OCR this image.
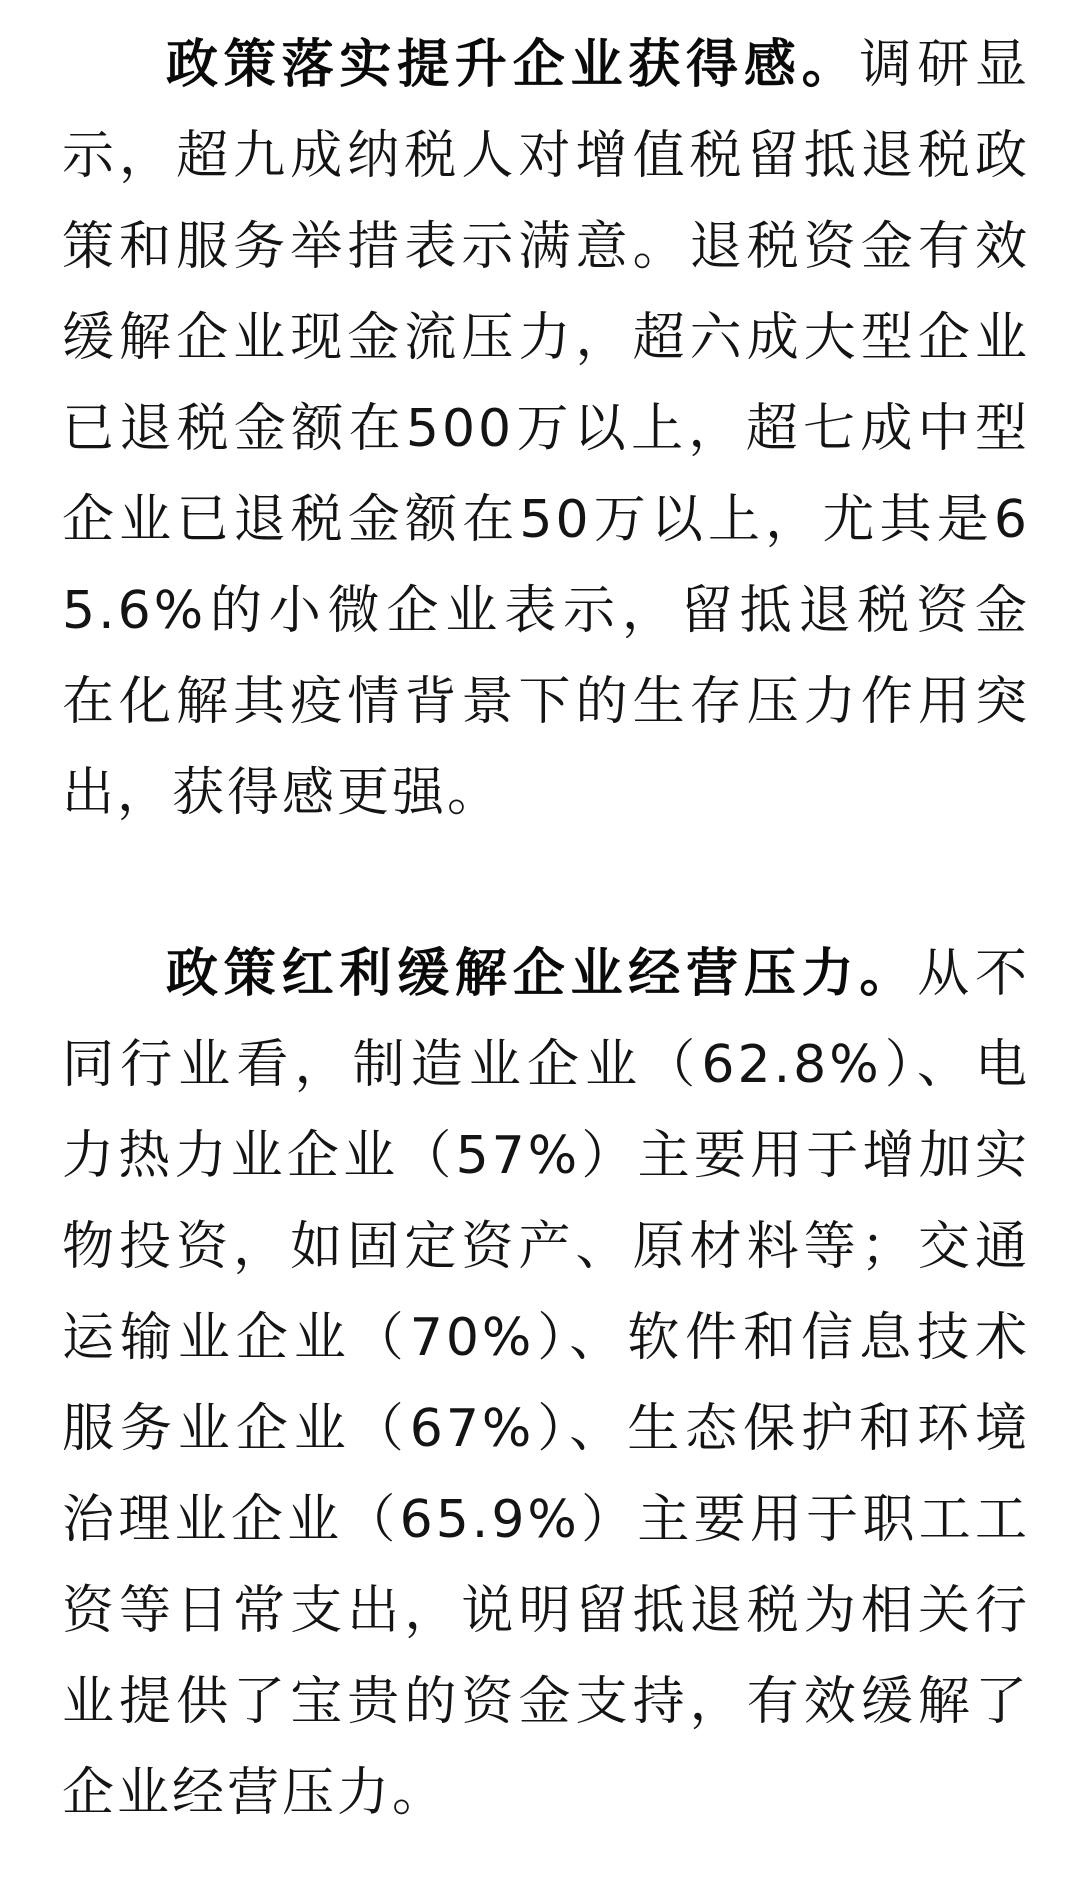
政策落实提升企业获得感。调研显示，超九成纳税人对增值税留抵退税政策和服务举措表示满意。退税资金有效缓解企业现金流压力，超六成大型企业已退税金额在500万以上，超七成中型企业已退税金额在50万以上，尤其是65.6%的小微企业表示，留抵退税资金在化解其疫情背景下的生存压力作用突出，获得感更强。

政策红利缓解企业经营压力。从不同行业看，制造业企业（62.8%）、电力热力业企业（57%）主要用于增加实物投资，如固定资产、原材料等；交通运输业企业（70%）、软件和信息技术服务业企业（67%）、生态保护和环境治理业企业（65.9%）主要用于职工工资等日常支出，说明留抵退税为相关行业提供了宝贵的资金支持，有效缓解了企业经营压力。
